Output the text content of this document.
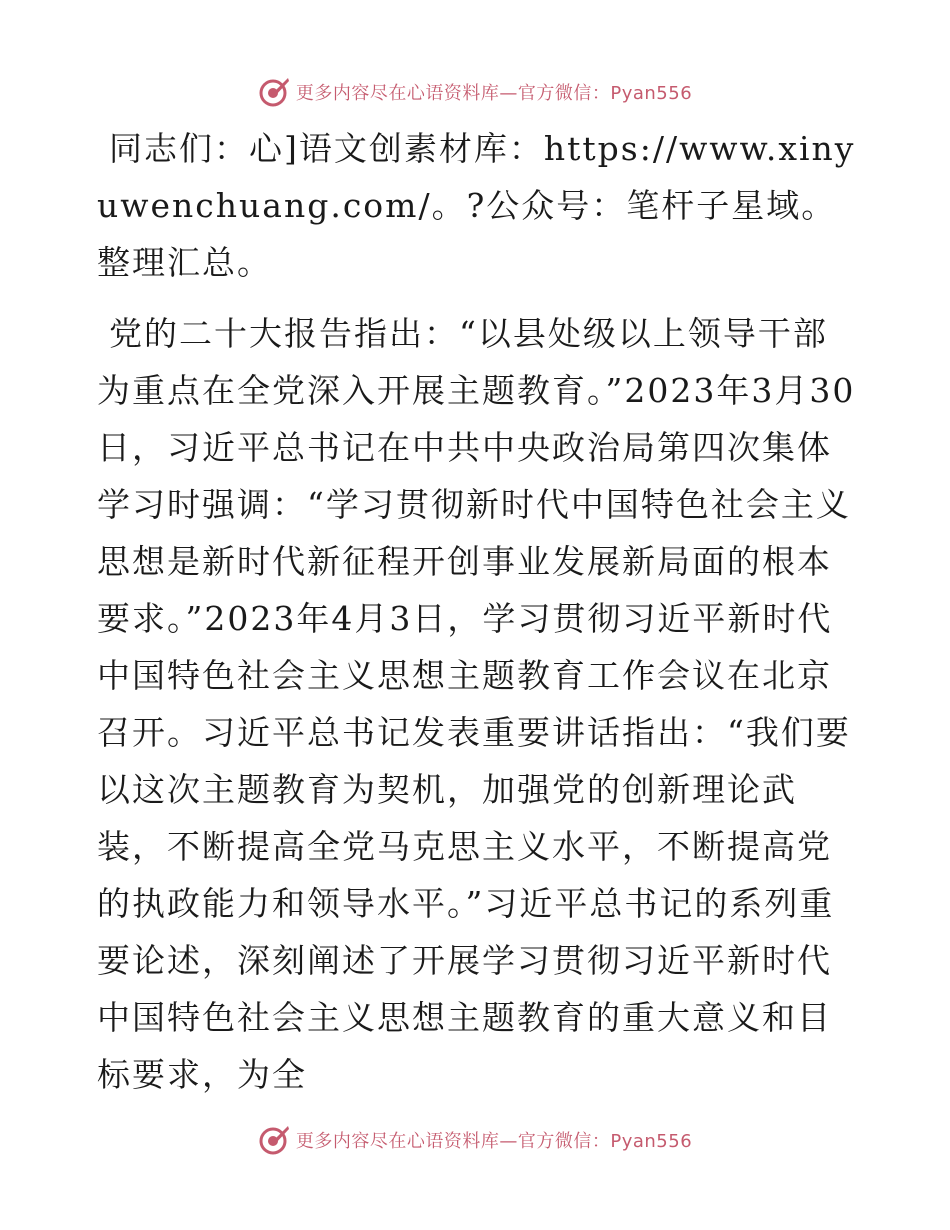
更多内容尽在心语资料库—官方微信：Pyan556

同志们：心]语文创素材库：https://www.xinyuwenchuang.com/。?公众号：笔杆子星域。整理汇总。

党的二十大报告指出：“以县处级以上领导干部为重点在全党深入开展主题教育。”2023年3月30日，习近平总书记在中共中央政治局第四次集体学习时强调：“学习贯彻新时代中国特色社会主义思想是新时代新征程开创事业发展新局面的根本要求。”2023年4月3日，学习贯彻习近平新时代中国特色社会主义思想主题教育工作会议在北京召开。习近平总书记发表重要讲话指出：“我们要以这次主题教育为契机，加强党的创新理论武装，不断提高全党马克思主义水平，不断提高党的执政能力和领导水平。”习近平总书记的系列重要论述，深刻阐述了开展学习贯彻习近平新时代中国特色社会主义思想主题教育的重大意义和目标要求，为全

更多内容尽在心语资料库—官方微信：Pyan556
